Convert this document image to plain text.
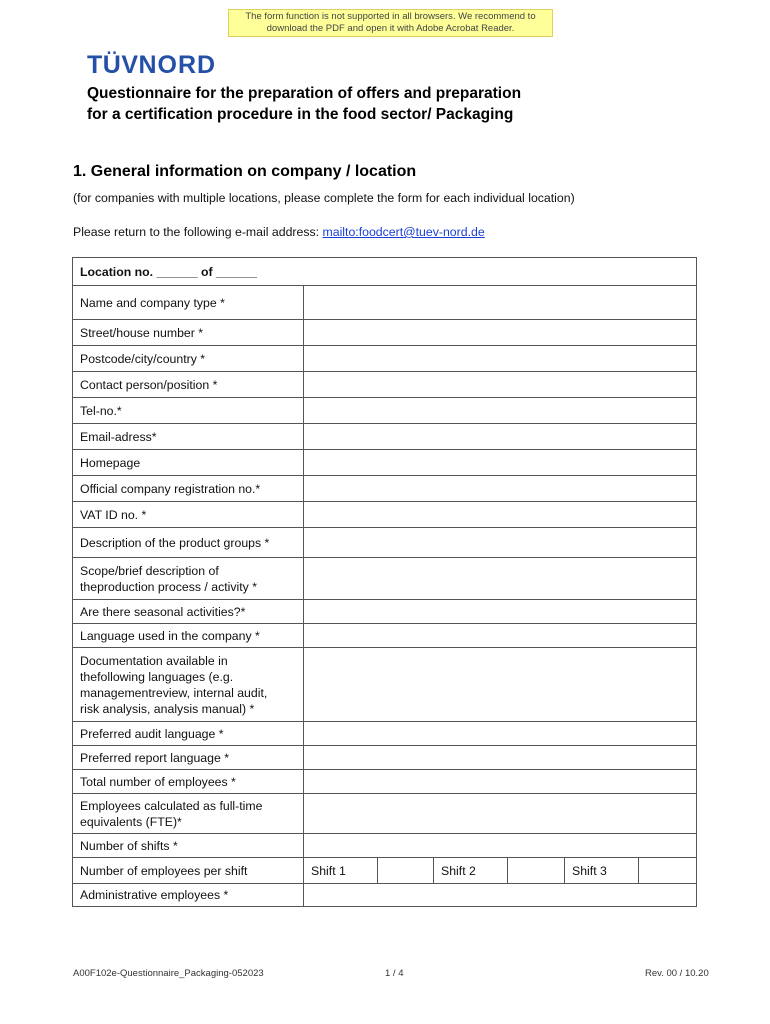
The form function is not supported in all browsers. We recommend to
download the PDF and open it with Adobe Acrobat Reader.
TÜVNORD
Questionnaire for the preparation of offers and preparation
for a certification procedure in the food sector/ Packaging
1. General information on company / location
(for companies with multiple locations, please complete the form for each individual location)
Please return to the following e-mail address: mailto:foodcert@tuev-nord.de
Location no. ______ of ______	
Name and company type *	
Street/house number *	
Postcode/city/country *	
Contact person/position *	
Tel-no.*	
Email-adress*	
Homepage	
Official company registration no.*	
VAT ID no. *	
Description of the product groups *	

Scope/brief description of
theproduction process / activity *	

Are there seasonal activities?*	
Language used in the company *	

Documentation available in
thefollowing languages (e.g.
managementreview, internal audit,
risk analysis, analysis manual) *	

Preferred audit language *	
Preferred report language *	
Total number of employees *	

Employees calculated as full-time
equivalents (FTE)*	

Number of shifts *	
Number of employees per shift	Shift 1 Shift 2 Shift 3

Administrative employees *	
A00F102e-Questionnaire_Packaging-052023	1 / 4	Rev. 00 / 10.20
